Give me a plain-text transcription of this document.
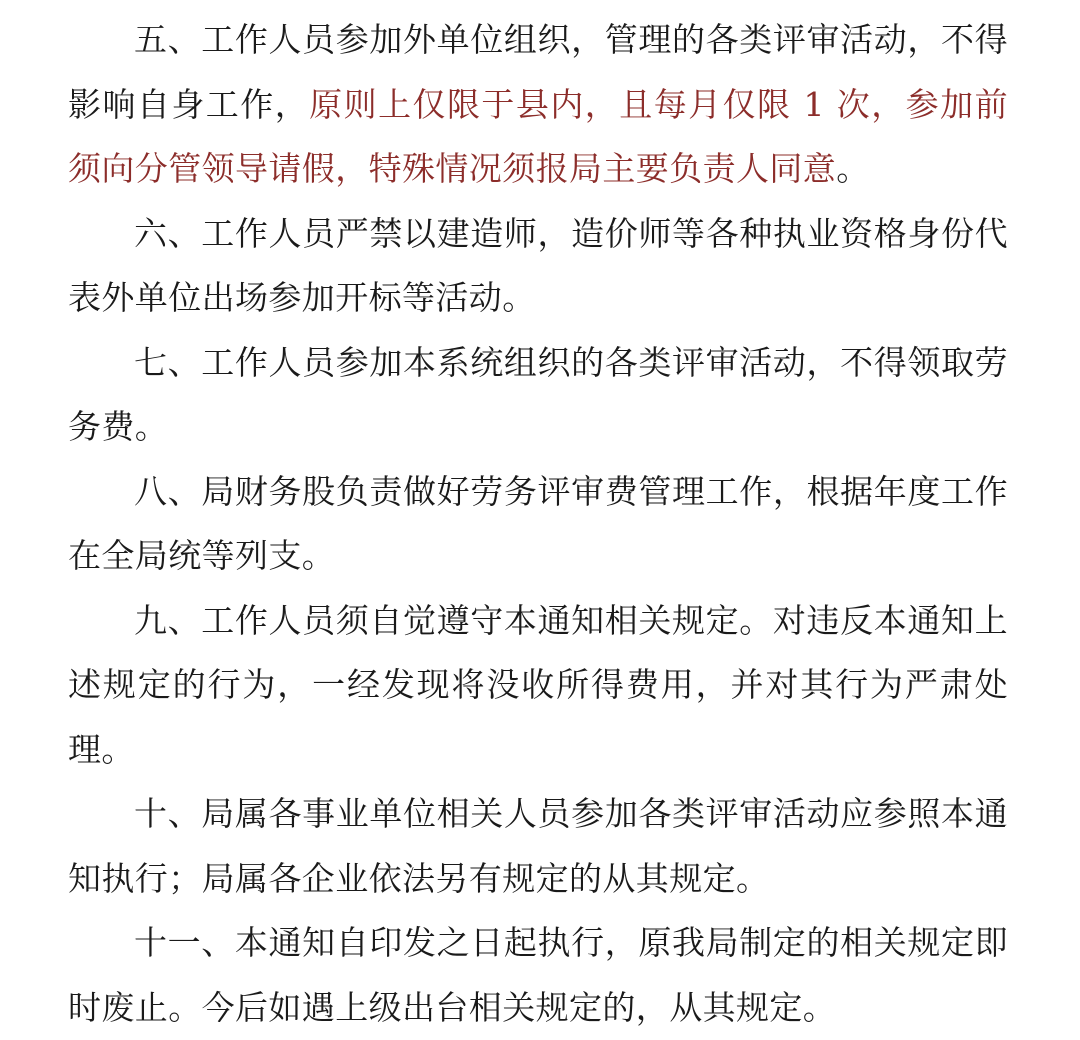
五、工作人员参加外单位组织，管理的各类评审活动，不得影响自身工作，原则上仅限于县内，且每月仅限 1 次，参加前须向分管领导请假，特殊情况须报局主要负责人同意。

六、工作人员严禁以建造师，造价师等各种执业资格身份代表外单位出场参加开标等活动。

七、工作人员参加本系统组织的各类评审活动，不得领取劳务费。

八、局财务股负责做好劳务评审费管理工作，根据年度工作在全局统等列支。

九、工作人员须自觉遵守本通知相关规定。对违反本通知上述规定的行为，一经发现将没收所得费用，并对其行为严肃处理。

十、局属各事业单位相关人员参加各类评审活动应参照本通知执行；局属各企业依法另有规定的从其规定。

十一、本通知自印发之日起执行，原我局制定的相关规定即时废止。今后如遇上级出台相关规定的，从其规定。
